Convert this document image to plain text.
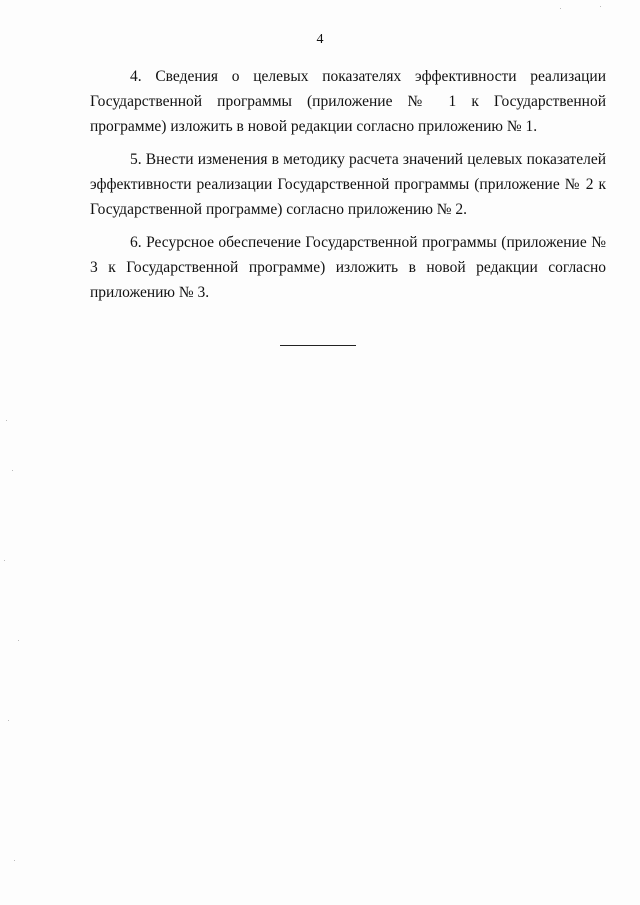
4

4. Сведения о целевых показателях эффективности реализации Государственной программы (приложение № 1 к Государственной программе) изложить в новой редакции согласно приложению № 1.

5. Внести изменения в методику расчета значений целевых показателей эффективности реализации Государственной программы (приложение № 2 к Государственной программе) согласно приложению № 2.

6. Ресурсное обеспечение Государственной программы (приложение № 3 к Государственной программе) изложить в новой редакции согласно приложению № 3.
